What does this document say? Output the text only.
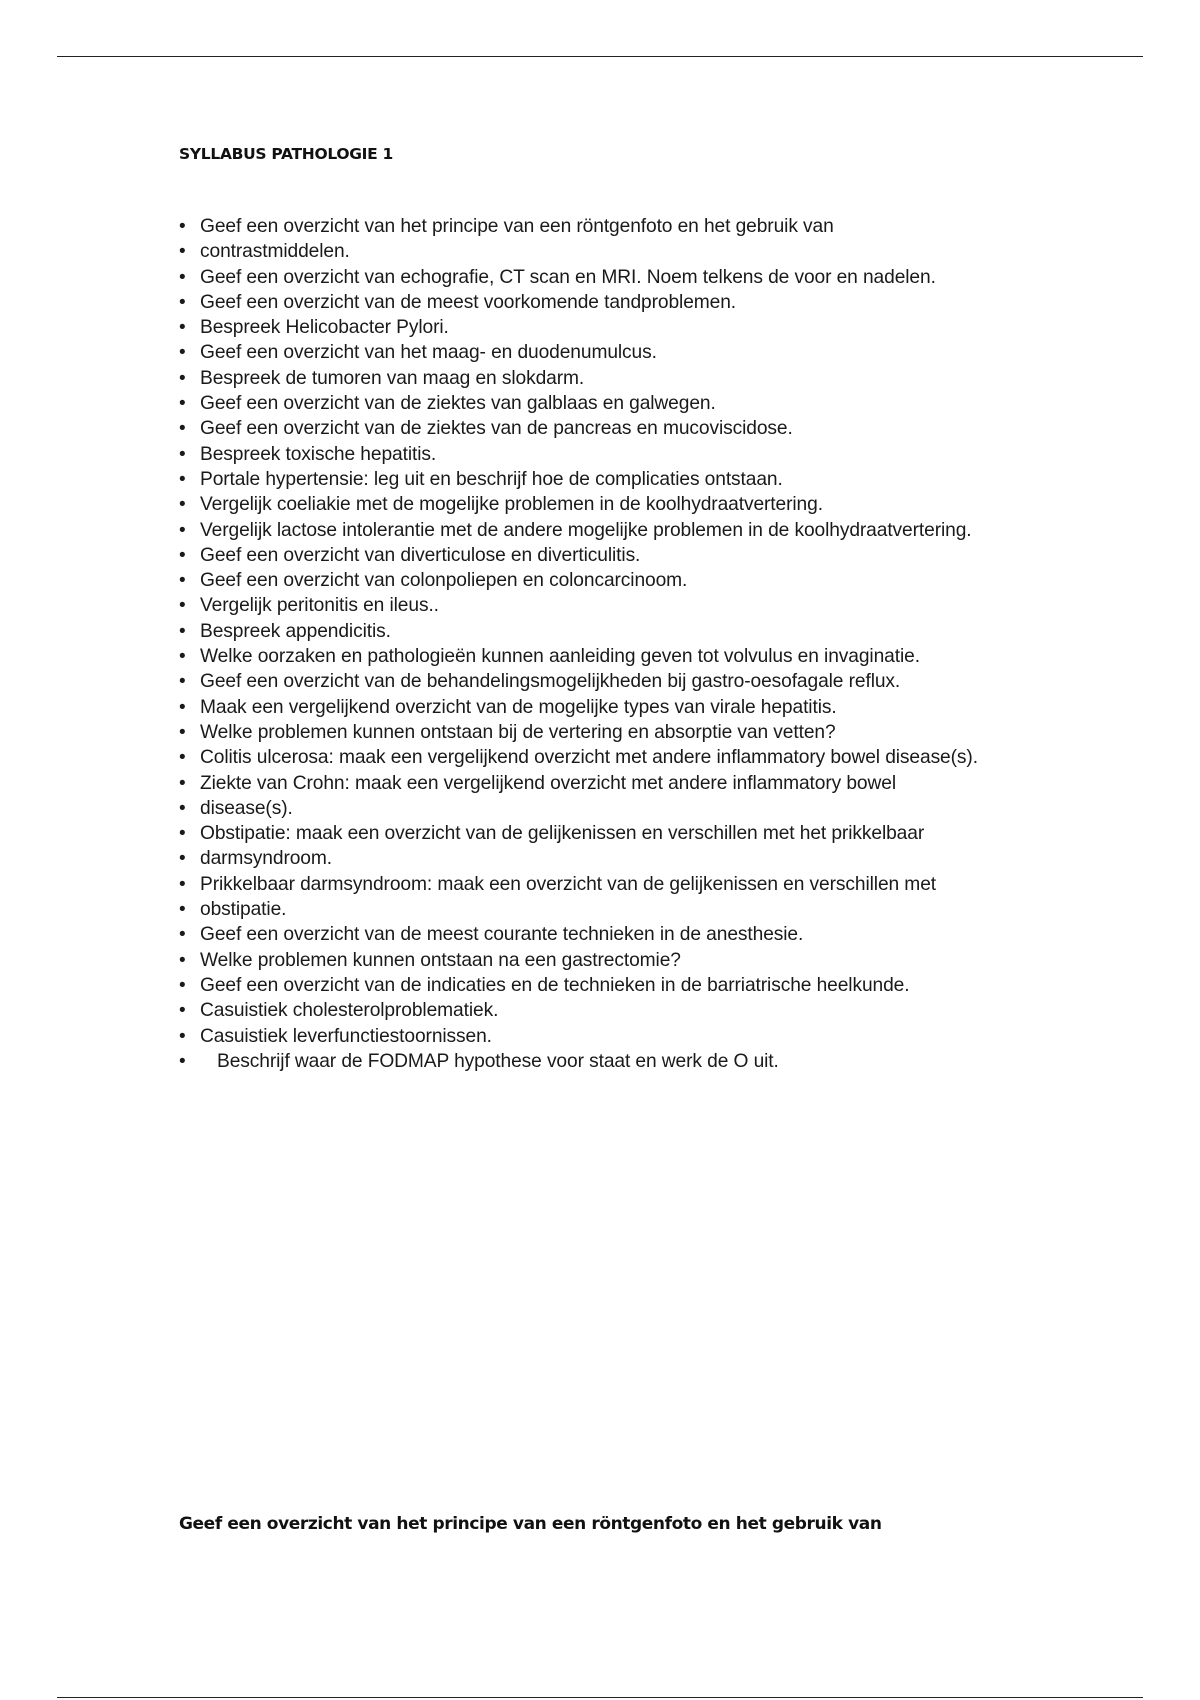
SYLLABUS PATHOLOGIE 1
• Geef een overzicht van het principe van een röntgenfoto en het gebruik van
• contrastmiddelen.
• Geef een overzicht van echografie, CT scan en MRI. Noem telkens de voor en nadelen.
• Geef een overzicht van de meest voorkomende tandproblemen.
• Bespreek Helicobacter Pylori.
• Geef een overzicht van het maag- en duodenumulcus.
• Bespreek de tumoren van maag en slokdarm.
• Geef een overzicht van de ziektes van galblaas en galwegen.
• Geef een overzicht van de ziektes van de pancreas en mucoviscidose.
• Bespreek toxische hepatitis.
• Portale hypertensie: leg uit en beschrijf hoe de complicaties ontstaan.
• Vergelijk coeliakie met de mogelijke problemen in de koolhydraatvertering.
• Vergelijk lactose intolerantie met de andere mogelijke problemen in de koolhydraatvertering.
• Geef een overzicht van diverticulose en diverticulitis.
• Geef een overzicht van colonpoliepen en coloncarcinoom.
• Vergelijk peritonitis en ileus..
• Bespreek appendicitis.
• Welke oorzaken en pathologieën kunnen aanleiding geven tot volvulus en invaginatie.
• Geef een overzicht van de behandelingsmogelijkheden bij gastro-oesofagale reflux.
• Maak een vergelijkend overzicht van de mogelijke types van virale hepatitis.
• Welke problemen kunnen ontstaan bij de vertering en absorptie van vetten?
• Colitis ulcerosa: maak een vergelijkend overzicht met andere inflammatory bowel disease(s).
• Ziekte van Crohn: maak een vergelijkend overzicht met andere inflammatory bowel
• disease(s).
• Obstipatie: maak een overzicht van de gelijkenissen en verschillen met het prikkelbaar
• darmsyndroom.
• Prikkelbaar darmsyndroom: maak een overzicht van de gelijkenissen en verschillen met
• obstipatie.
• Geef een overzicht van de meest courante technieken in de anesthesie.
• Welke problemen kunnen ontstaan na een gastrectomie?
• Geef een overzicht van de indicaties en de technieken in de barriatrische heelkunde.
• Casuistiek cholesterolproblematiek.
• Casuistiek leverfunctiestoornissen.
•	Beschrijf waar de FODMAP hypothese voor staat en werk de O uit.
Geef een overzicht van het principe van een röntgenfoto en het gebruik van
